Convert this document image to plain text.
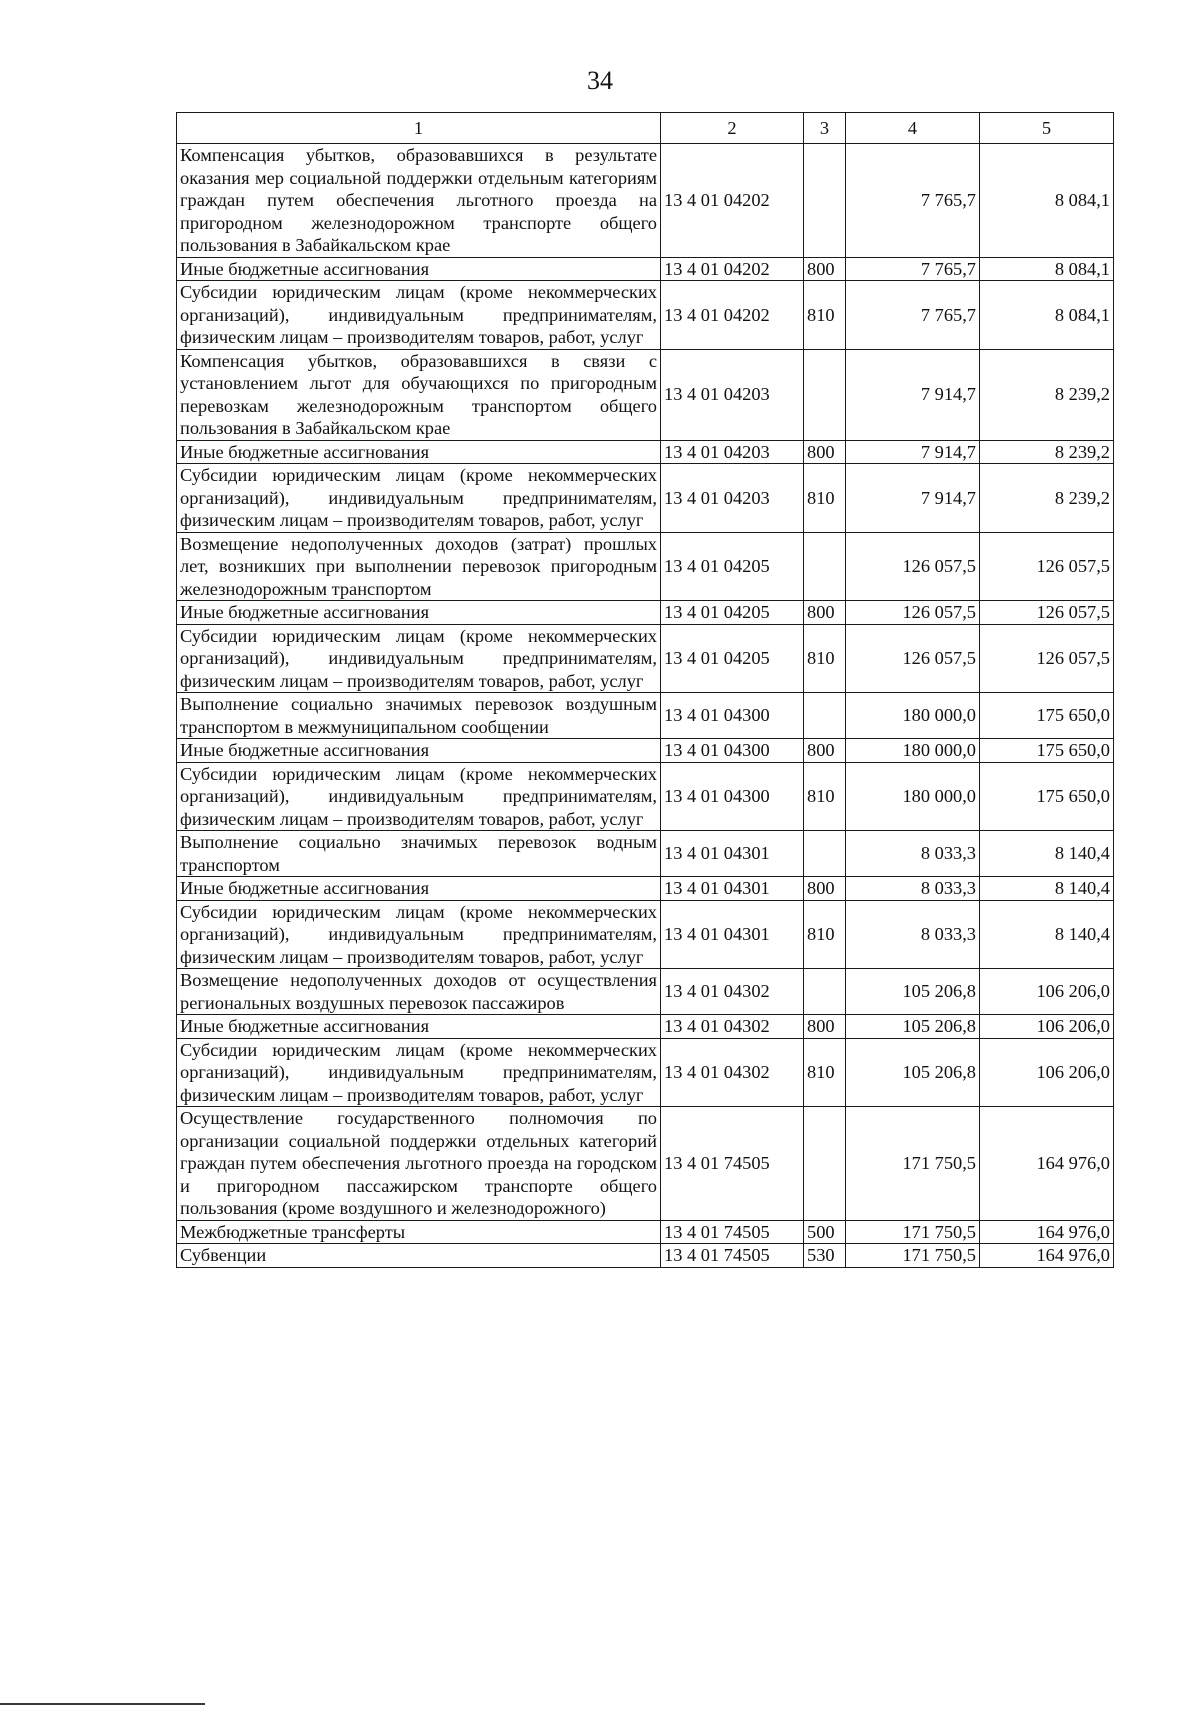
34
1	2	3	4	5
Компенсация убытков, образовавшихся в результате оказания мер социальной поддержки отдельным категориям граждан путем обеспечения льготного проезда на пригородном железнодорожном транспорте общего пользования в Забайкальском крае	13 4 01 04202		7 765,7	8 084,1
Иные бюджетные ассигнования	13 4 01 04202	800	7 765,7	8 084,1
Субсидии юридическим лицам (кроме некоммерческих организаций), индивидуальным предпринимателям, физическим лицам – производителям товаров, работ, услуг	13 4 01 04202	810	7 765,7	8 084,1
Компенсация убытков, образовавшихся в связи с установлением льгот для обучающихся по пригородным перевозкам железнодорожным транспортом общего пользования в Забайкальском крае	13 4 01 04203		7 914,7	8 239,2
Иные бюджетные ассигнования	13 4 01 04203	800	7 914,7	8 239,2
Субсидии юридическим лицам (кроме некоммерческих организаций), индивидуальным предпринимателям, физическим лицам – производителям товаров, работ, услуг	13 4 01 04203	810	7 914,7	8 239,2
Возмещение недополученных доходов (затрат) прошлых лет, возникших при выполнении перевозок пригородным железнодорожным транспортом	13 4 01 04205		126 057,5	126 057,5
Иные бюджетные ассигнования	13 4 01 04205	800	126 057,5	126 057,5
Субсидии юридическим лицам (кроме некоммерческих организаций), индивидуальным предпринимателям, физическим лицам – производителям товаров, работ, услуг	13 4 01 04205	810	126 057,5	126 057,5
Выполнение социально значимых перевозок воздушным транспортом в межмуниципальном сообщении	13 4 01 04300		180 000,0	175 650,0
Иные бюджетные ассигнования	13 4 01 04300	800	180 000,0	175 650,0
Субсидии юридическим лицам (кроме некоммерческих организаций), индивидуальным предпринимателям, физическим лицам – производителям товаров, работ, услуг	13 4 01 04300	810	180 000,0	175 650,0
Выполнение социально значимых перевозок водным транспортом	13 4 01 04301		8 033,3	8 140,4
Иные бюджетные ассигнования	13 4 01 04301	800	8 033,3	8 140,4
Субсидии юридическим лицам (кроме некоммерческих организаций), индивидуальным предпринимателям, физическим лицам – производителям товаров, работ, услуг	13 4 01 04301	810	8 033,3	8 140,4
Возмещение недополученных доходов от осуществления региональных воздушных перевозок пассажиров	13 4 01 04302		105 206,8	106 206,0
Иные бюджетные ассигнования	13 4 01 04302	800	105 206,8	106 206,0
Субсидии юридическим лицам (кроме некоммерческих организаций), индивидуальным предпринимателям, физическим лицам – производителям товаров, работ, услуг	13 4 01 04302	810	105 206,8	106 206,0
Осуществление государственного полномочия по организации социальной поддержки отдельных категорий граждан путем обеспечения льготного проезда на городском и пригородном пассажирском транспорте общего пользования (кроме воздушного и железнодорожного)	13 4 01 74505		171 750,5	164 976,0
Межбюджетные трансферты	13 4 01 74505	500	171 750,5	164 976,0
Субвенции	13 4 01 74505	530	171 750,5	164 976,0
